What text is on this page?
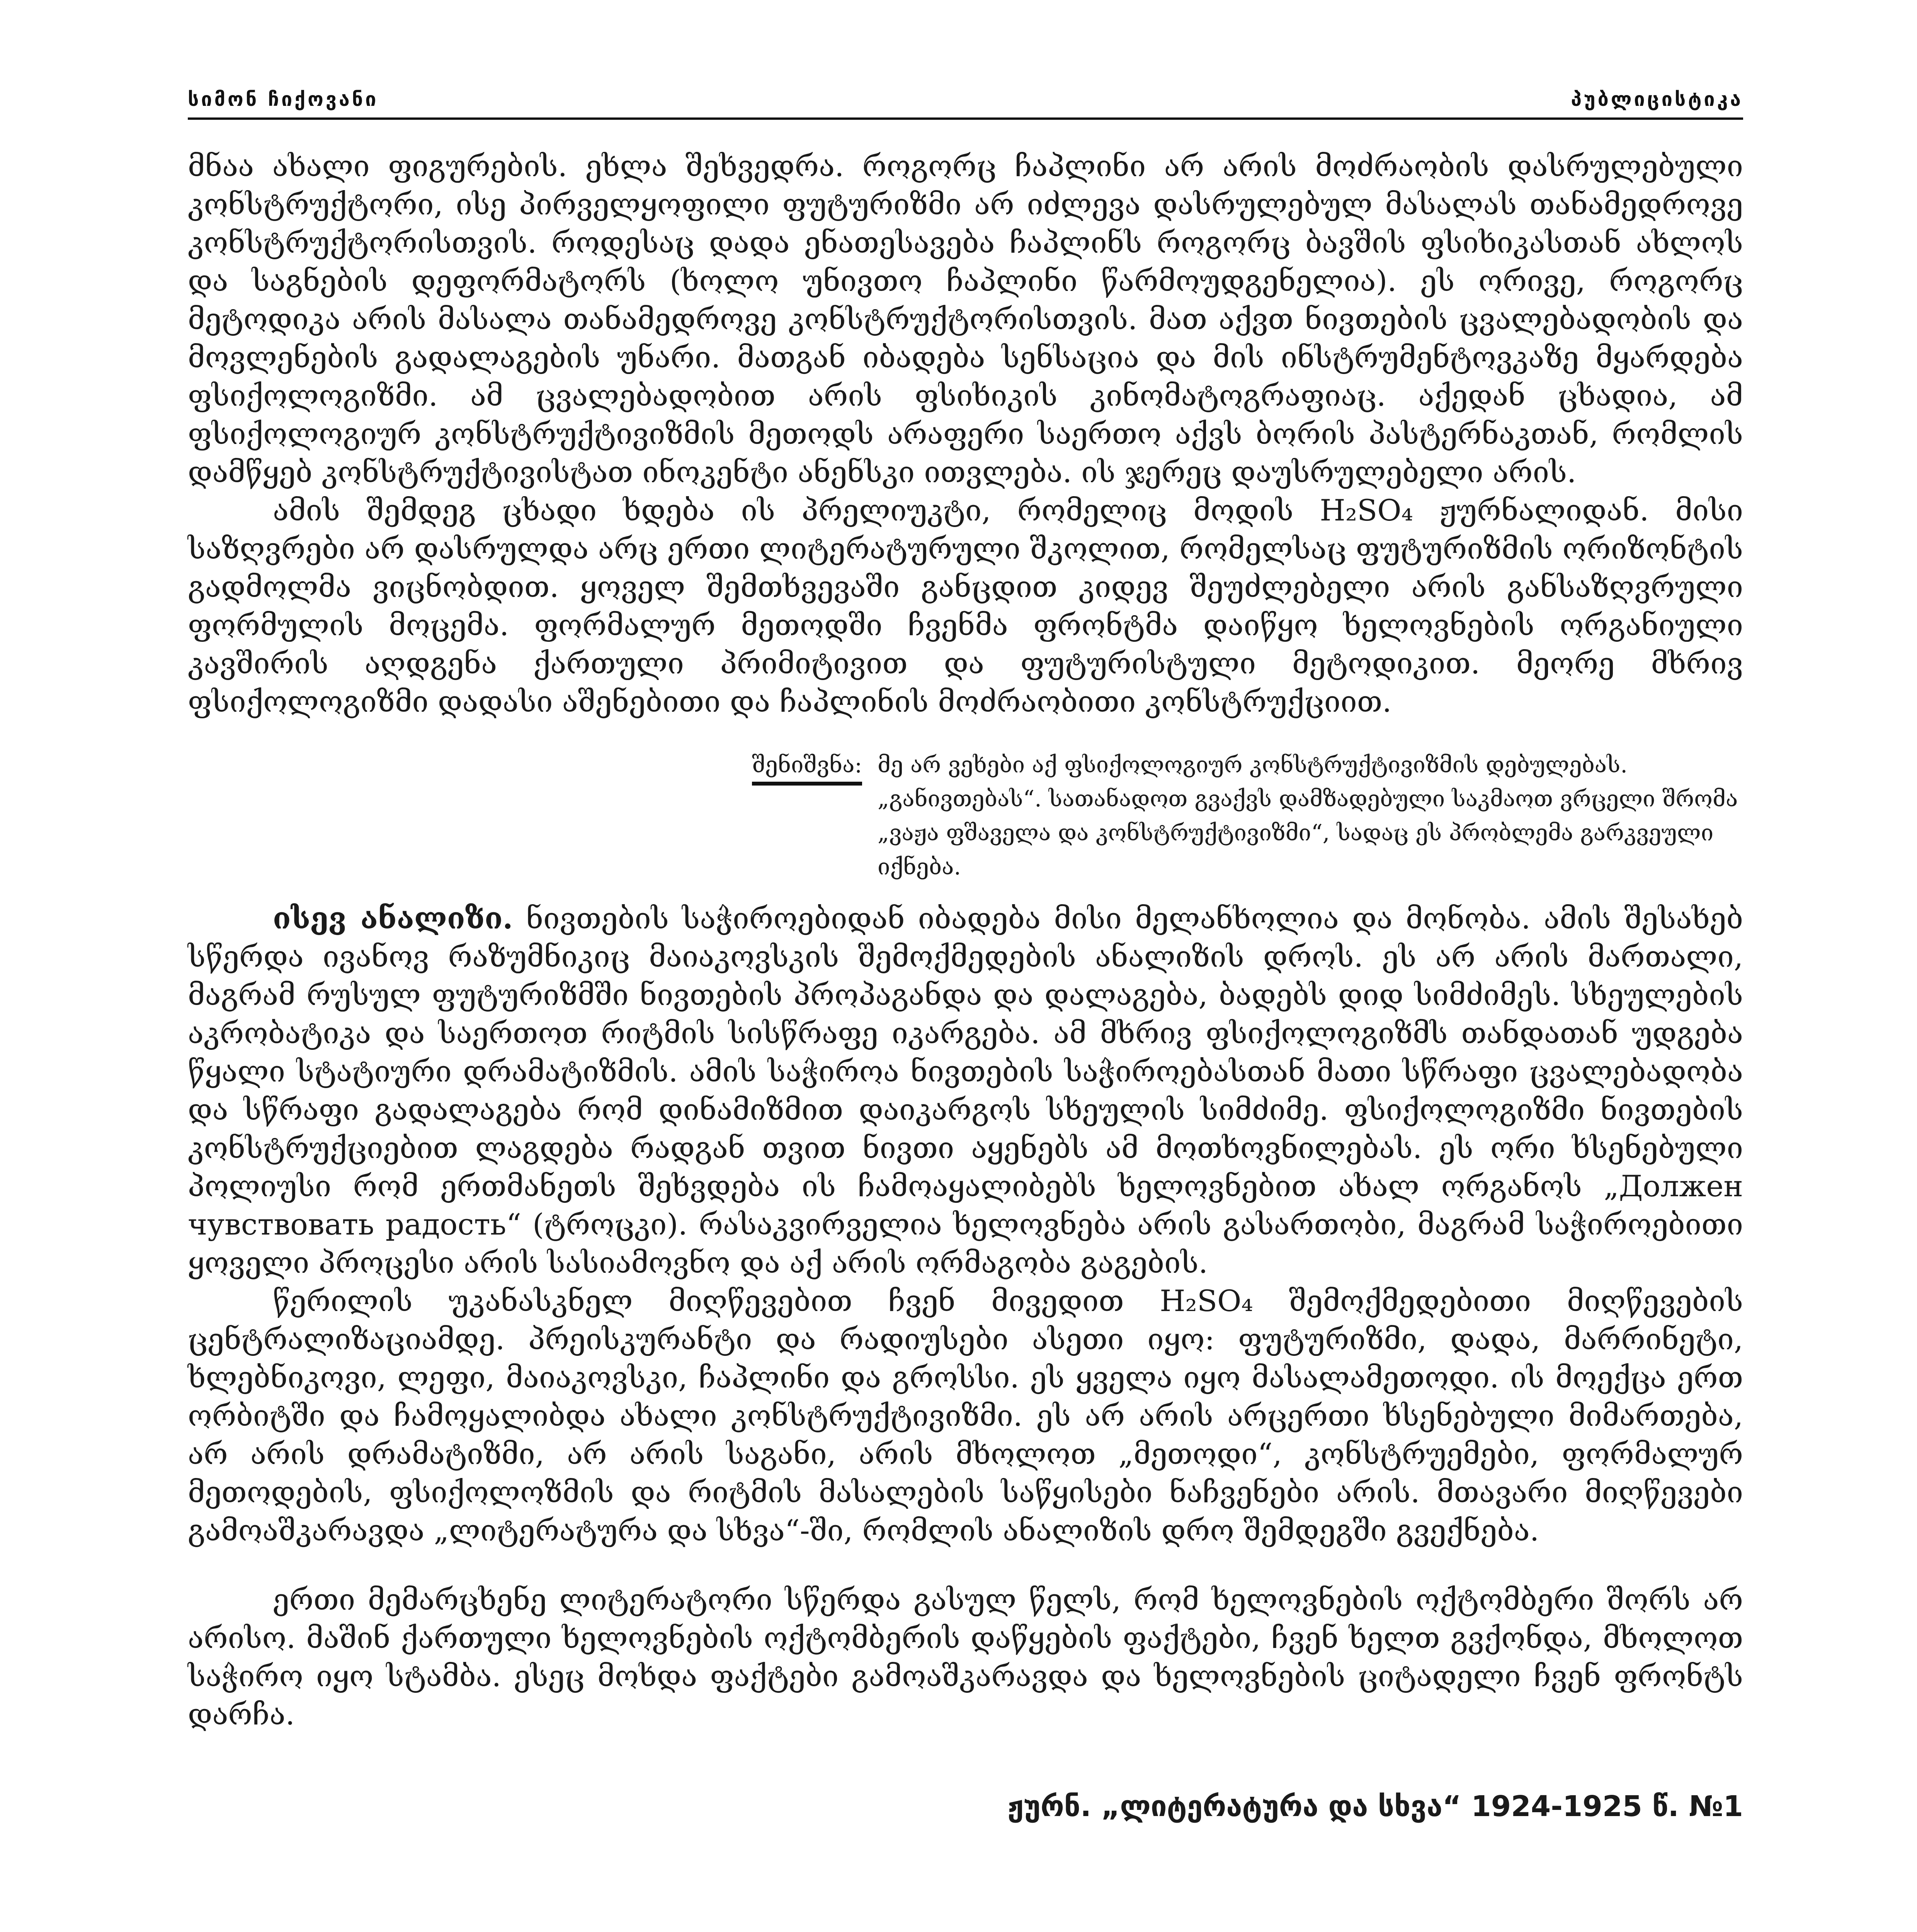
სიმონ ჩიქოვანი	პუბლიცისტიკა

მნაა ახალი ფიგურების. ეხლა შეხვედრა. როგორც ჩაპლინი არ არის მოძრაობის დასრულებული კონსტრუქტორი, ისე პირველყოფილი ფუტურიზმი არ იძლევა დასრულებულ მასალას თანამედროვე კონსტრუქტორისთვის. როდესაც დადა ენათესავება ჩაპლინს როგორც ბავშის ფსიხიკასთან ახლოს და საგნების დეფორმატორს (ხოლო უნივთო ჩაპლინი წარმოუდგენელია). ეს ორივე, როგორც მეტოდიკა არის მასალა თანამედროვე კონსტრუქტორისთვის. მათ აქვთ ნივთების ცვალებადობის და მოვლენების გადალაგების უნარი. მათგან იბადება სენსაცია და მის ინსტრუმენტოვკაზე მყარდება ფსიქოლოგიზმი. ამ ცვალებადობით არის ფსიხიკის კინომატოგრაფიაც. აქედან ცხადია, ამ ფსიქოლოგიურ კონსტრუქტივიზმის მეთოდს არაფერი საერთო აქვს ბორის პასტერნაკთან, რომლის დამწყებ კონსტრუქტივისტათ ინოკენტი ანენსკი ითვლება. ის ჯერეც დაუსრულებელი არის.

ამის შემდეგ ცხადი ხდება ის პრელიუკტი, რომელიც მოდის H₂SO₄ ჟურნალიდან. მისი საზღვრები არ დასრულდა არც ერთი ლიტერატურული შკოლით, რომელსაც ფუტურიზმის ორიზონტის გადმოლმა ვიცნობდით. ყოველ შემთხვევაში განცდით კიდევ შეუძლებელი არის განსაზღვრული ფორმულის მოცემა. ფორმალურ მეთოდში ჩვენმა ფრონტმა დაიწყო ხელოვნების ორგანიული კავშირის აღდგენა ქართული პრიმიტივით და ფუტურისტული მეტოდიკით. მეორე მხრივ ფსიქოლოგიზმი დადასი აშენებითი და ჩაპლინის მოძრაობითი კონსტრუქციით.

შენიშვნა: მე არ ვეხები აქ ფსიქოლოგიურ კონსტრუქტივიზმის დებულებას. „განივთებას“. სათანადოთ გვაქვს დამზადებული საკმაოთ ვრცელი შრომა „ვაჟა ფშაველა და კონსტრუქტივიზმი“, სადაც ეს პრობლემა გარკვეული იქნება.

ისევ ანალიზი. ნივთების საჭიროებიდან იბადება მისი მელანხოლია და მონობა. ამის შესახებ სწერდა ივანოვ რაზუმნიკიც მაიაკოვსკის შემოქმედების ანალიზის დროს. ეს არ არის მართალი, მაგრამ რუსულ ფუტურიზმში ნივთების პროპაგანდა და დალაგება, ბადებს დიდ სიმძიმეს. სხეულების აკრობატიკა და საერთოთ რიტმის სისწრაფე იკარგება. ამ მხრივ ფსიქოლოგიზმს თანდათან უდგება წყალი სტატიური დრამატიზმის. ამის საჭიროა ნივთების საჭიროებასთან მათი სწრაფი ცვალებადობა და სწრაფი გადალაგება რომ დინამიზმით დაიკარგოს სხეულის სიმძიმე. ფსიქოლოგიზმი ნივთების კონსტრუქციებით ლაგდება რადგან თვით ნივთი აყენებს ამ მოთხოვნილებას. ეს ორი ხსენებული პოლიუსი რომ ერთმანეთს შეხვდება ის ჩამოაყალიბებს ხელოვნებით ახალ ორგანოს „Должен чувствовать радость“ (ტროცკი). რასაკვირველია ხელოვნება არის გასართობი, მაგრამ საჭიროებითი ყოველი პროცესი არის სასიამოვნო და აქ არის ორმაგობა გაგების.

წერილის უკანასკნელ მიღწევებით ჩვენ მივედით H₂SO₄ შემოქმედებითი მიღწევების ცენტრალიზაციამდე. პრეისკურანტი და რადიუსები ასეთი იყო: ფუტურიზმი, დადა, მარრინეტი, ხლებნიკოვი, ლეფი, მაიაკოვსკი, ჩაპლინი და გროსსი. ეს ყველა იყო მასალამეთოდი. ის მოექცა ერთ ორბიტში და ჩამოყალიბდა ახალი კონსტრუქტივიზმი. ეს არ არის არცერთი ხსენებული მიმართება, არ არის დრამატიზმი, არ არის საგანი, არის მხოლოთ „მეთოდი“, კონსტრუემები, ფორმალურ მეთოდების, ფსიქოლოზმის და რიტმის მასალების საწყისები ნაჩვენები არის. მთავარი მიღწევები გამოაშკარავდა „ლიტერატურა და სხვა“-ში, რომლის ანალიზის დრო შემდეგში გვექნება.

ერთი მემარცხენე ლიტერატორი სწერდა გასულ წელს, რომ ხელოვნების ოქტომბერი შორს არ არისო. მაშინ ქართული ხელოვნების ოქტომბერის დაწყების ფაქტები, ჩვენ ხელთ გვქონდა, მხოლოთ საჭირო იყო სტამბა. ესეც მოხდა ფაქტები გამოაშკარავდა და ხელოვნების ციტადელი ჩვენ ფრონტს დარჩა.

ჟურნ. „ლიტერატურა და სხვა“ 1924-1925 წ. №1
